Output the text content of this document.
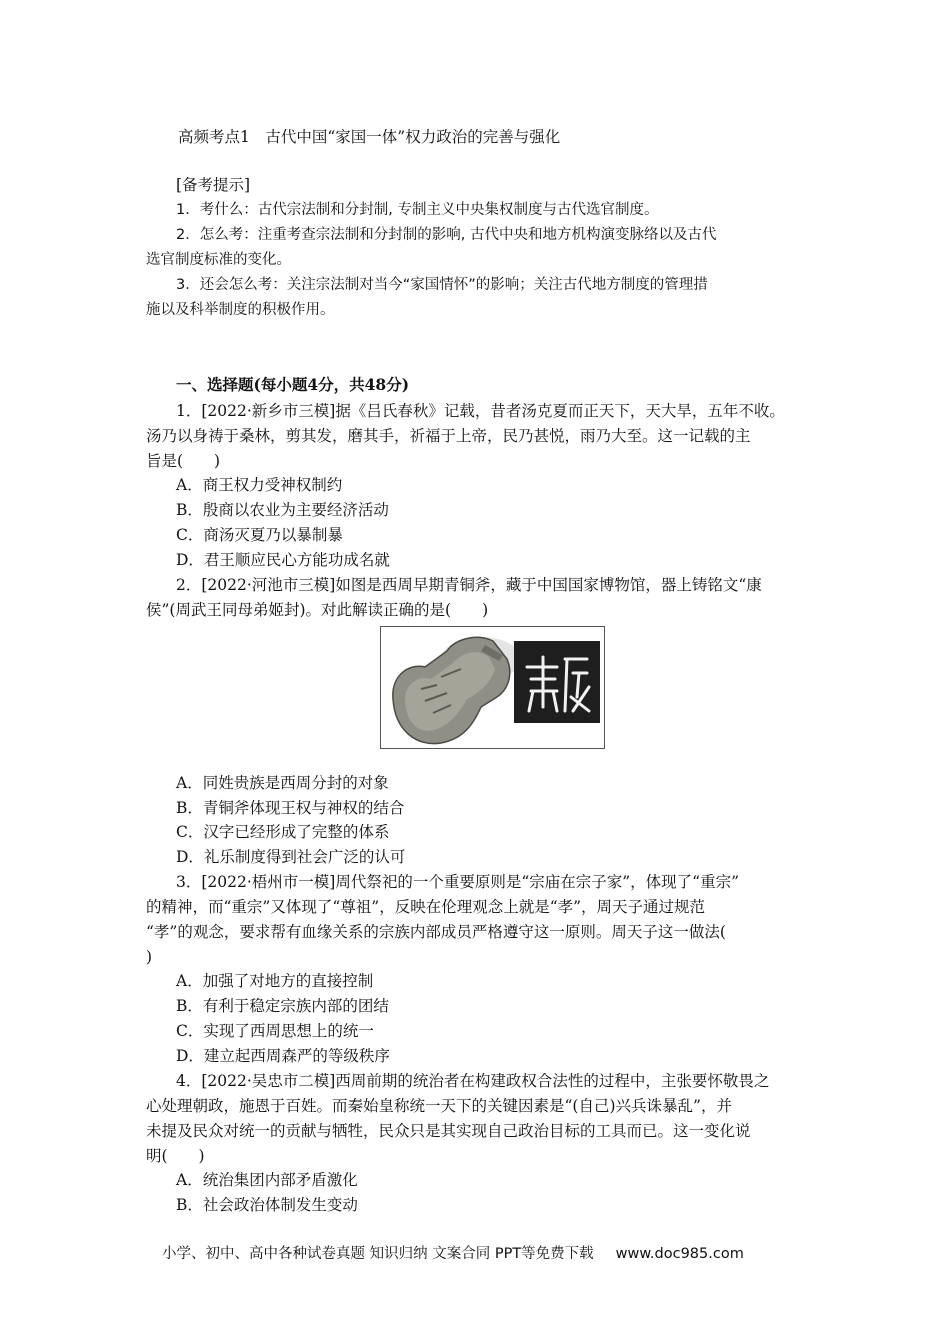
高频考点1　古代中国“家国一体”权力政治的完善与强化
[备考提示]
1．考什么：古代宗法制和分封制, 专制主义中央集权制度与古代选官制度。
2．怎么考：注重考查宗法制和分封制的影响, 古代中央和地方机构演变脉络以及古代
选官制度标准的变化。
3．还会怎么考：关注宗法制对当今“家国情怀”的影响；关注古代地方制度的管理措
施以及科举制度的积极作用。
一、选择题(每小题4分，共48分)
1．[2022·新乡市三模]据《吕氏春秋》记载，昔者汤克夏而正天下，天大旱，五年不收。
汤乃以身祷于桑林，剪其发，磨其手，祈福于上帝，民乃甚悦，雨乃大至。这一记载的主
旨是(　　)
A．商王权力受神权制约
B．殷商以农业为主要经济活动
C．商汤灭夏乃以暴制暴
D．君王顺应民心方能功成名就
2．[2022·河池市三模]如图是西周早期青铜斧，藏于中国国家博物馆，器上铸铭文“康
侯”(周武王同母弟姬封)。对此解读正确的是(　　)
A．同姓贵族是西周分封的对象
B．青铜斧体现王权与神权的结合
C．汉字已经形成了完整的体系
D．礼乐制度得到社会广泛的认可
3．[2022·梧州市一模]周代祭祀的一个重要原则是“宗庙在宗子家”，体现了“重宗”
的精神，而“重宗”又体现了“尊祖”，反映在伦理观念上就是“孝”，周天子通过规范
“孝”的观念，要求帮有血缘关系的宗族内部成员严格遵守这一原则。周天子这一做法(
)
A．加强了对地方的直接控制
B．有利于稳定宗族内部的团结
C．实现了西周思想上的统一
D．建立起西周森严的等级秩序
4．[2022·吴忠市二模]西周前期的统治者在构建政权合法性的过程中，主张要怀敬畏之
心处理朝政，施恩于百姓。而秦始皇称统一天下的关键因素是“(自己)兴兵诛暴乱”，并
未提及民众对统一的贡献与牺牲，民众只是其实现自己政治目标的工具而已。这一变化说
明(　　)
A．统治集团内部矛盾激化
B．社会政治体制发生变动
小学、初中、高中各种试卷真题 知识归纳 文案合同 PPT等免费下载 www.doc985.com
